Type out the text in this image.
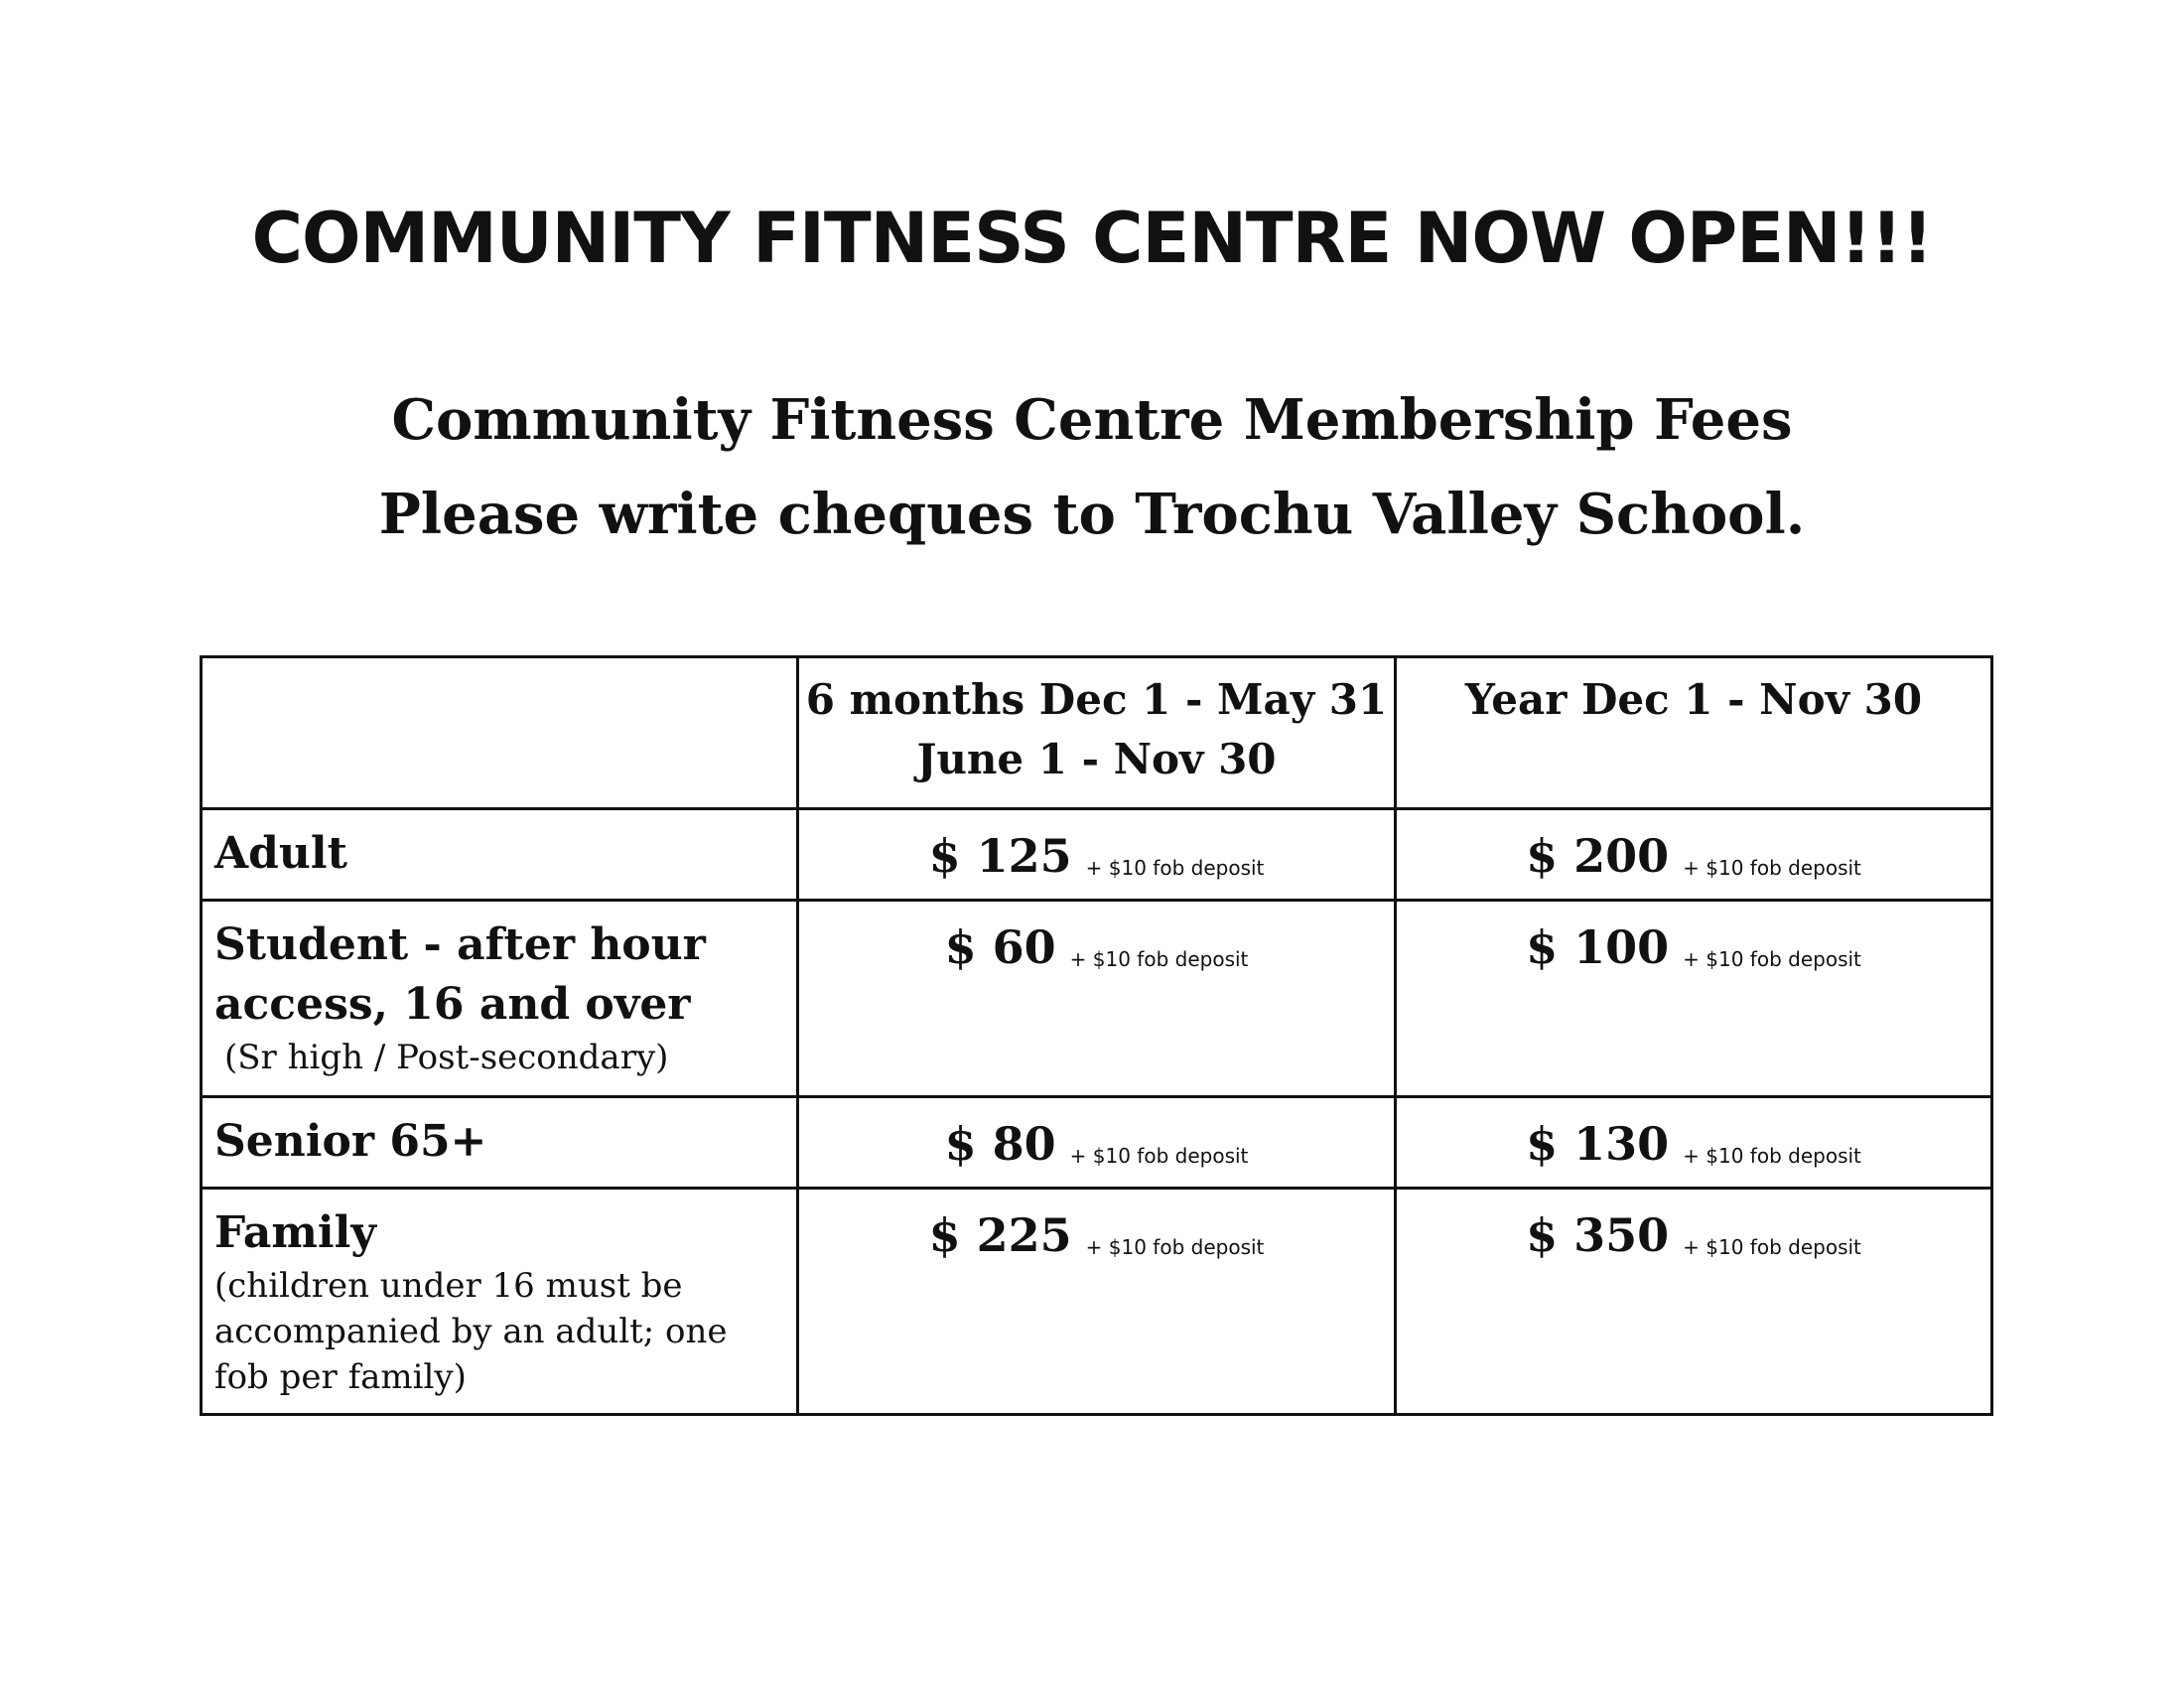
COMMUNITY FITNESS CENTRE NOW OPEN!!!
Community Fitness Centre Membership Fees

Please write cheques to Trochu Valley School.

	6 months Dec 1 - May 31
June 1 - Nov 30	Year Dec 1 - Nov 30

Adult	$ 125 + $10 fob deposit	$ 200 + $10 fob deposit

Student - after hour
access, 16 and over
(Sr high / Post-secondary)	$ 60 + $10 fob deposit	$ 100 + $10 fob deposit

Senior 65+	$ 80 + $10 fob deposit	$ 130 + $10 fob deposit

Family
(children under 16 must be
accompanied by an adult; one
fob per family)	$ 225 + $10 fob deposit	$ 350 + $10 fob deposit
